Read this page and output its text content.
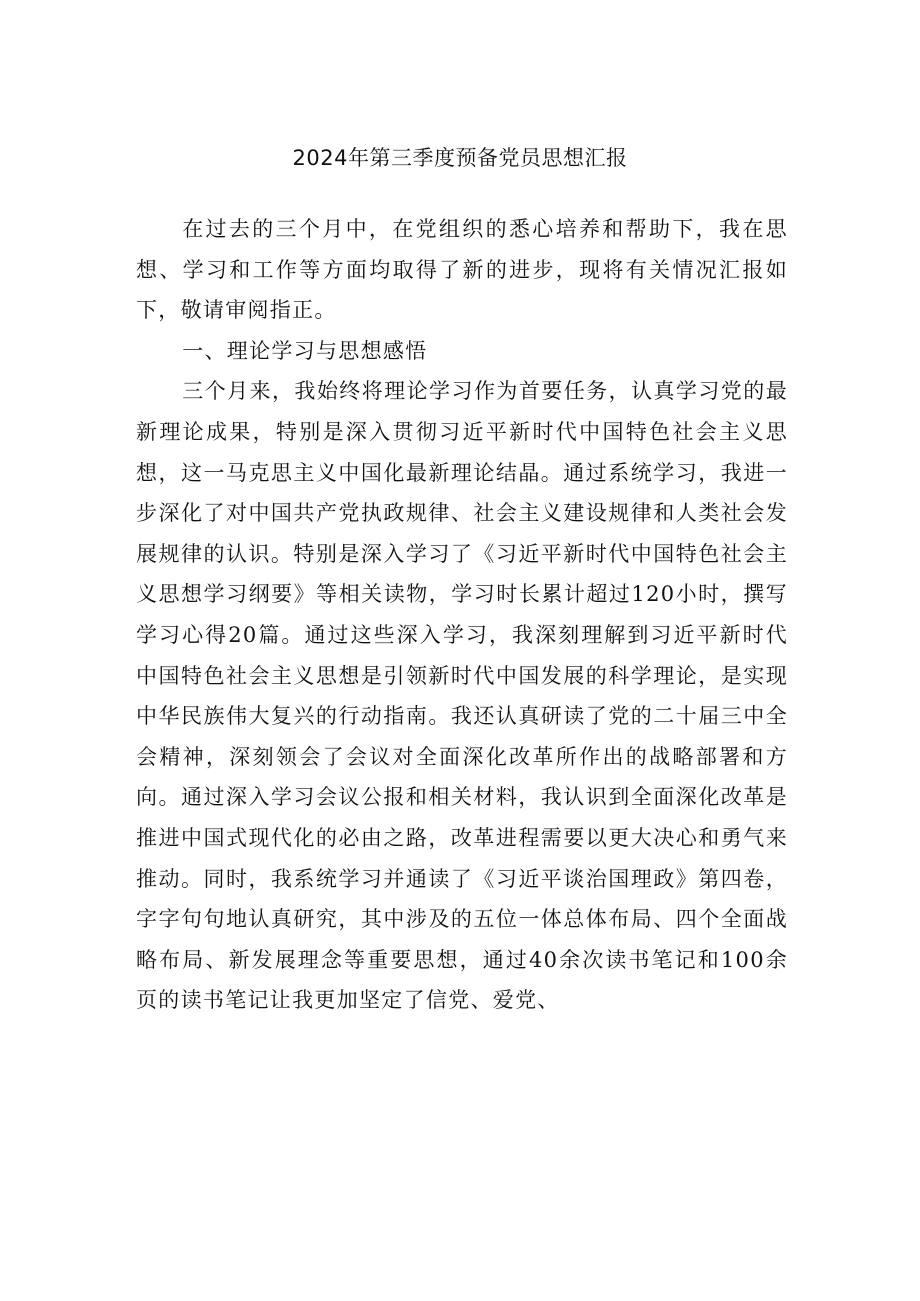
2024年第三季度预备党员思想汇报

在过去的三个月中，在党组织的悉心培养和帮助下，我在思想、学习和工作等方面均取得了新的进步，现将有关情况汇报如下，敬请审阅指正。

一、理论学习与思想感悟

三个月来，我始终将理论学习作为首要任务，认真学习党的最新理论成果，特别是深入贯彻习近平新时代中国特色社会主义思想，这一马克思主义中国化最新理论结晶。通过系统学习，我进一步深化了对中国共产党执政规律、社会主义建设规律和人类社会发展规律的认识。特别是深入学习了《习近平新时代中国特色社会主义思想学习纲要》等相关读物，学习时长累计超过120小时，撰写学习心得20篇。通过这些深入学习，我深刻理解到习近平新时代中国特色社会主义思想是引领新时代中国发展的科学理论，是实现中华民族伟大复兴的行动指南。我还认真研读了党的二十届三中全会精神，深刻领会了会议对全面深化改革所作出的战略部署和方向。通过深入学习会议公报和相关材料，我认识到全面深化改革是推进中国式现代化的必由之路，改革进程需要以更大决心和勇气来推动。同时，我系统学习并通读了《习近平谈治国理政》第四卷，字字句句地认真研究，其中涉及的五位一体总体布局、四个全面战略布局、新发展理念等重要思想，通过40余次读书笔记和100余页的读书笔记让我更加坚定了信党、爱党、
